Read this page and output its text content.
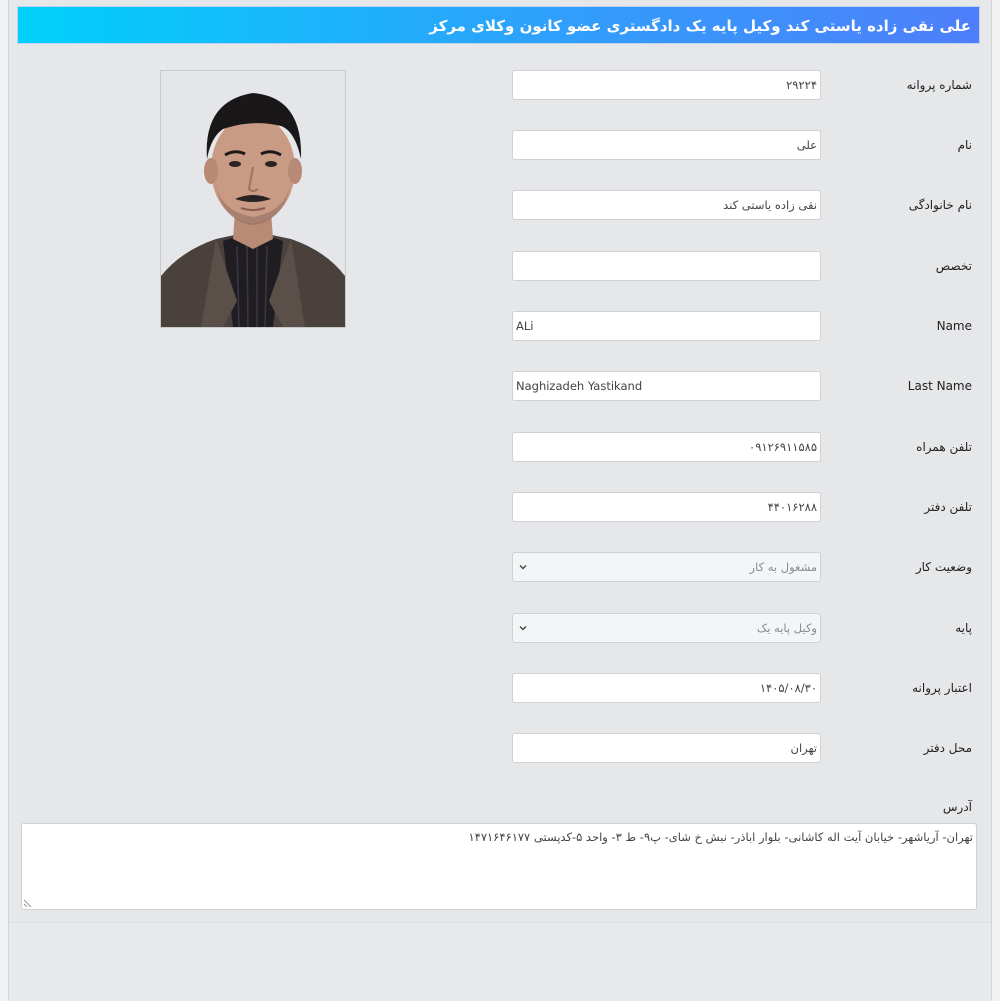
علی نقی زاده یاستی کند وکیل پایه یک دادگستری عضو کانون وکلای مرکز
۲۹۲۲۴	شماره پروانه
علی	نام
نقی زاده یاستی کند	نام خانوادگی
تخصص
ALi	Name
Naghizadeh Yastikand	Last Name
۰۹۱۲۶۹۱۱۵۸۵	تلفن همراه
۴۴۰۱۶۲۸۸	تلفن دفتر
مشغول به کار	وضعیت کار
وکیل پایه یک	پایه
۱۴۰۵/۰۸/۳۰	اعتبار پروانه
تهران	محل دفتر
آدرس
تهران- آریاشهر- خیابان آیت اله کاشانی- بلوار اباذر- نبش خ شای- پ۹- ط ۳- واحد ۵-کدپستی ۱۴۷۱۶۴۶۱۷۷
